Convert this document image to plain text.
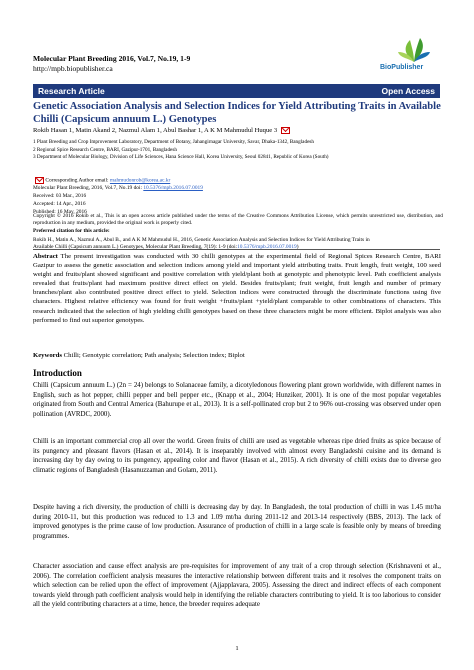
Molecular Plant Breeding 2016, Vol.7, No.19, 1-9
http://mpb.biopublisher.ca	BioPublisher
Research Article	Open Access
Genetic Association Analysis and Selection Indices for Yield Attributing Traits in Available Chilli (Capsicum annuum L.) Genotypes
Rokib Hasan 1, Matin Akand 2, Nazmul Alam 1, Abul Bashar 1, A K M Mahmudul Huque 3
1 Plant Breeding and Crop Improvement Laboratory, Department of Botany, Jahangirnagar University, Savar, Dhaka-1342, Bangladesh
2 Regional Spice Research Centre, BARI, Gazipur-1701, Bangladesh
3 Department of Molecular Biology, Division of Life Sciences, Hana Science Hall, Korea University, Seoul 02841, Republic of Korea (South)
Corresponding Author email: mahmudonrob@korea.ac.kr
Molecular Plant Breeding, 2016, Vol.7, No.19 doi: 10.5376/mpb.2016.07.0019
Received: 03 Mar., 2016
Accepted: 14 Apr., 2016
Published: 16 May, 2016
Copyright © 2016 Rokib et al., This is an open access article published under the terms of the Creative Commons Attribution License, which permits unrestricted use, distribution, and reproduction in any medium, provided the original work is properly cited.
Preferred citation for this article:
Rokib H., Matin A., Nazmul A., Abul B., and A K M Mahmudul H., 2016, Genetic Association Analysis and Selection Indices for Yield Attributing Traits in
Available Chilli (Capsicum annuum L.) Genotypes, Molecular Plant Breeding, 7(19): 1-9 (doi:10.5376/mpb.2016.07.0019)
Abstract The present investigation was conducted with 30 chilli genotypes at the experimental field of Regional Spices Research Centre, BARI Gazipur to assess the genetic association and selection indices among yield and important yield attributing traits. Fruit length, fruit weight, 100 seed weight and fruits/plant showed significant and positive correlation with yield/plant both at genotypic and phenotypic level. Path coefficient analysis revealed that fruits/plant had maximum positive direct effect on yield. Besides fruits/plant; fruit weight, fruit length and number of primary branches/plant also contributed positive direct effect to yield. Selection indices were constructed through the discriminate functions using five characters. Highest relative efficiency was found for fruit weight +fruits/plant +yield/plant comparable to other combinations of characters. This research indicated that the selection of high yielding chilli genotypes based on these three characters might be more efficient. Biplot analysis was also performed to find out superior genotypes.
Keywords Chilli; Genotypic correlation; Path analysis; Selection index; Biplot
Introduction
Chilli (Capsicum annuum L.) (2n = 24) belongs to Solanaceae family, a dicotyledonous flowering plant grown worldwide, with different names in English, such as hot pepper, chilli pepper and bell pepper etc., (Knapp et al., 2004; Hunziker, 2001). It is one of the most popular vegetables originated from South and Central America (Bahurupe et al., 2013). It is a self-pollinated crop but 2 to 96% out-crossing was observed under open pollination (AVRDC, 2000).
Chilli is an important commercial crop all over the world. Green fruits of chilli are used as vegetable whereas ripe dried fruits as spice because of its pungency and pleasant flavors (Hasan et al., 2014). It is inseparably involved with almost every Bangladeshi cuisine and its demand is increasing day by day owing to its pungency, appealing color and flavor (Hasan et al., 2015). A rich diversity of chilli exists due to diverse geo climatic regions of Bangladesh (Hasanuzzaman and Golam, 2011).
Despite having a rich diversity, the production of chilli is decreasing day by day. In Bangladesh, the total production of chilli in was 1.45 mt/ha during 2010-11, but this production was reduced to 1.3 and 1.09 mt/ha during 2011-12 and 2013-14 respectively (BBS, 2013). The lack of improved genotypes is the prime cause of low production. Assurance of production of chilli in a large scale is feasible only by means of breeding programmes.
Character association and cause effect analysis are pre-requisites for improvement of any trait of a crop through selection (Krishnaveni et al., 2006). The correlation coefficient analysis measures the interactive relationship between different traits and it resolves the component traits on which selection can be relied upon the effect of improvement (Ajjapplavara, 2005). Assessing the direct and indirect effects of each component towards yield through path coefficient analysis would help in identifying the reliable characters contributing to yield. It is too laborious to consider all the yield contributing characters at a time, hence, the breeder requires adequate
1
